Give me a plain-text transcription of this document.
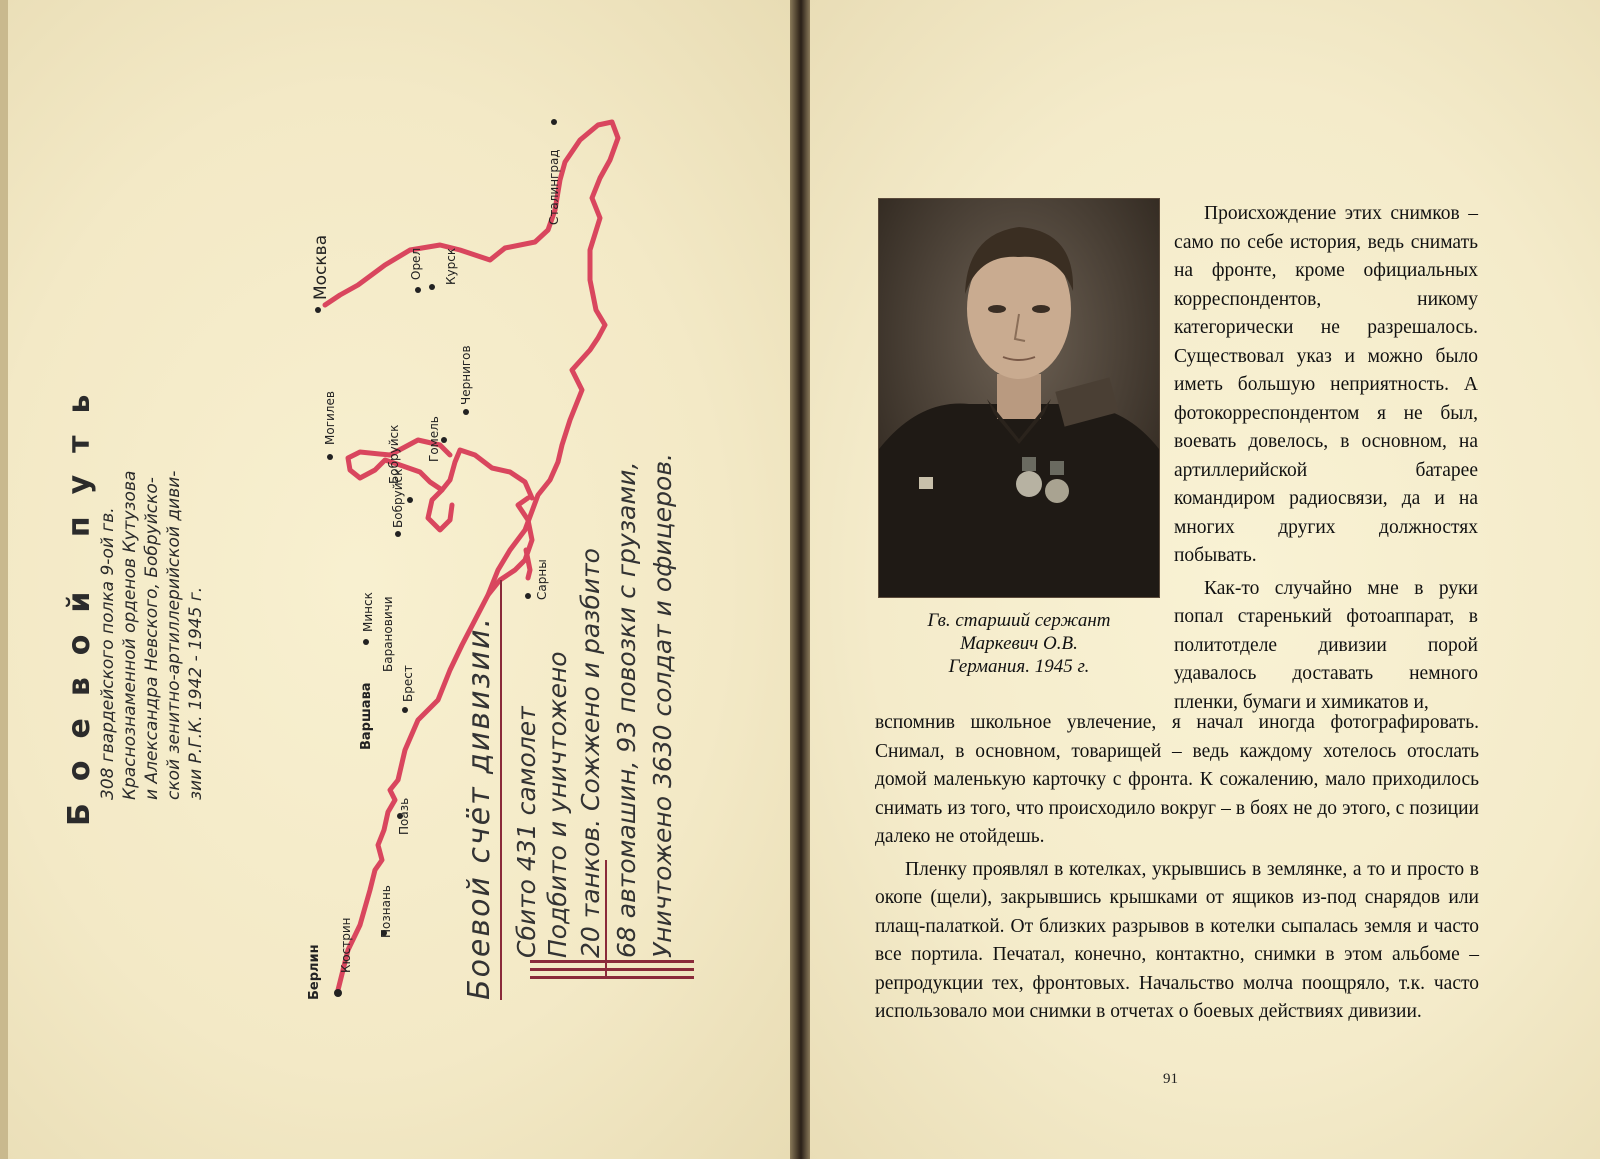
Боевой путь 308 гвардейского полка 9-ой гв. Краснознаменной орденов Кутузова и Александра Невского, Бобруйско- ской зенитно-артиллерийской диви- зии Р.Г.К. 1942 - 1945 г.
Москва
Сталинград
Орел Курск
Чернигов
Гомель
Могилев
Бобруйск
Бобруйск
Сарны
Минск Барановичи
Брест
Варшава
Поазь
Познань
Кюстрин
Берлин	Боевой счёт дивизии. Сбито 431 самолет Подбито и уничтожено 20 танков. Сожжено и разбито 68 автомашин, 93 повозки с грузами, Уничтожено 3630 солдат и офицеров.	Гв. старший сержант
Маркевич О.В.
Германия. 1945 г.

Происхождение этих снимков – само по себе история, ведь снимать на фронте, кроме официальных корреспондентов, никому категорически не разрешалось. Существовал указ и можно было иметь большую неприятность. А фотокорреспондентом я не был, воевать довелось, в основном, на артиллерийской батарее командиром радиосвязи, да и на многих других должностях побывать.

Как-то случайно мне в руки попал старенький фотоаппарат, в политотделе дивизии порой удавалось доставать немного пленки, бумаги и химикатов и,

вспомнив школьное увлечение, я начал иногда фотографировать. Снимал, в основном, товарищей – ведь каждому хотелось отослать домой маленькую карточку с фронта. К сожалению, мало приходилось снимать из того, что происходило вокруг – в боях не до этого, с позиции далеко не отойдешь.

Пленку проявлял в котелках, укрывшись в землянке, а то и просто в окопе (щели), закрывшись крышками от ящиков из-под снарядов или плащ-палаткой. От близких разрывов в котелки сыпалась земля и часто все портила. Печатал, конечно, контактно, снимки в этом альбоме – репродукции тех, фронтовых. Начальство молча поощряло, т.к. часто использовало мои снимки в отчетах о боевых действиях дивизии.

91
